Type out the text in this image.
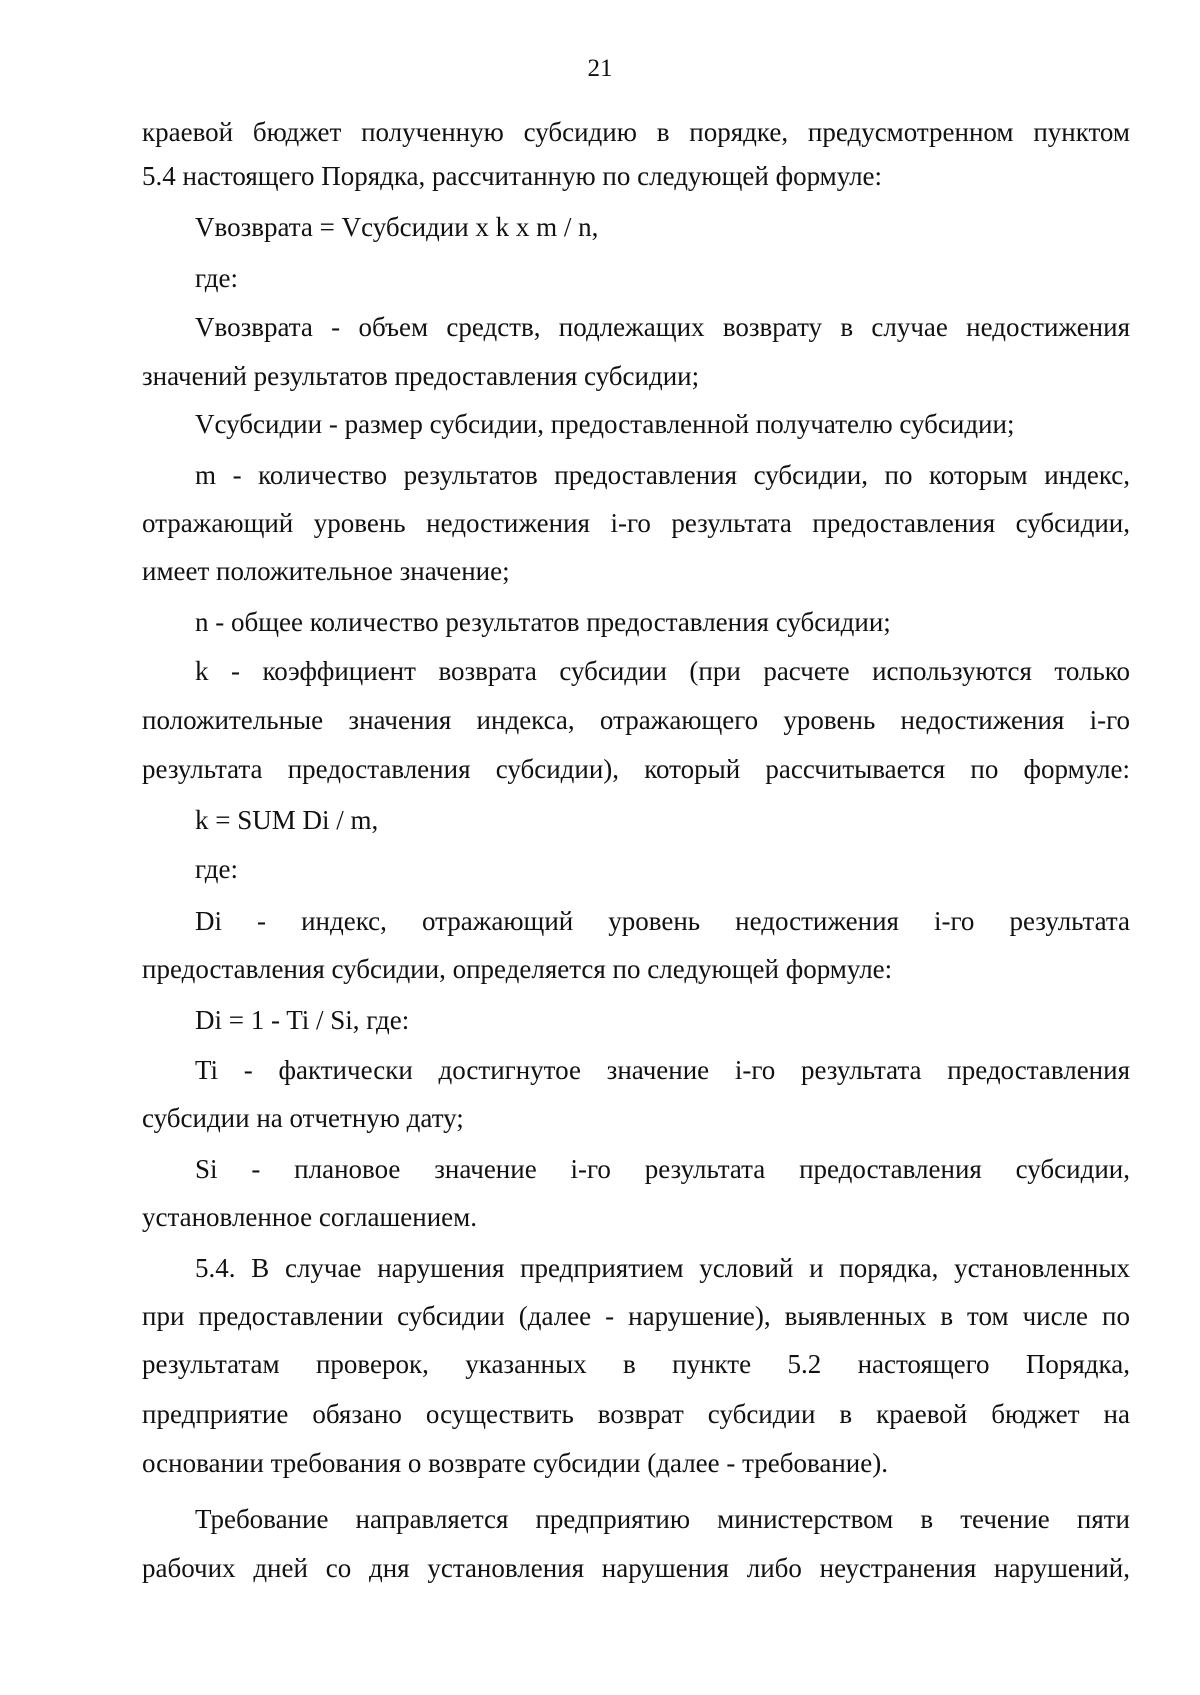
21
краевой бюджет полученную субсидию в порядке, предусмотренном пунктом
5.4 настоящего Порядка, рассчитанную по следующей формуле:
Vвозврата = Vсубсидии x k x m / n,
где:
Vвозврата - объем средств, подлежащих возврату в случае недостижения
значений результатов предоставления субсидии;
Vсубсидии - размер субсидии, предоставленной получателю субсидии;
m - количество результатов предоставления субсидии, по которым индекс,
отражающий уровень недостижения i-го результата предоставления субсидии,
имеет положительное значение;
n - общее количество результатов предоставления субсидии;
k - коэффициент возврата субсидии (при расчете используются только
положительные значения индекса, отражающего уровень недостижения i-го
результата предоставления субсидии), который рассчитывается по формуле:
k = SUM Di / m,
где:
Di - индекс, отражающий уровень недостижения i-го результата
предоставления субсидии, определяется по следующей формуле:
Di = 1 - Ti / Si, где:
Ti - фактически достигнутое значение i-го результата предоставления
субсидии на отчетную дату;
Si - плановое значение i-го результата предоставления субсидии,
установленное соглашением.
5.4. В случае нарушения предприятием условий и порядка, установленных
при предоставлении субсидии (далее - нарушение), выявленных в том числе по
результатам проверок, указанных в пункте 5.2 настоящего Порядка,
предприятие обязано осуществить возврат субсидии в краевой бюджет на
основании требования о возврате субсидии (далее - требование).
Требование направляется предприятию министерством в течение пяти
рабочих дней со дня установления нарушения либо неустранения нарушений,
